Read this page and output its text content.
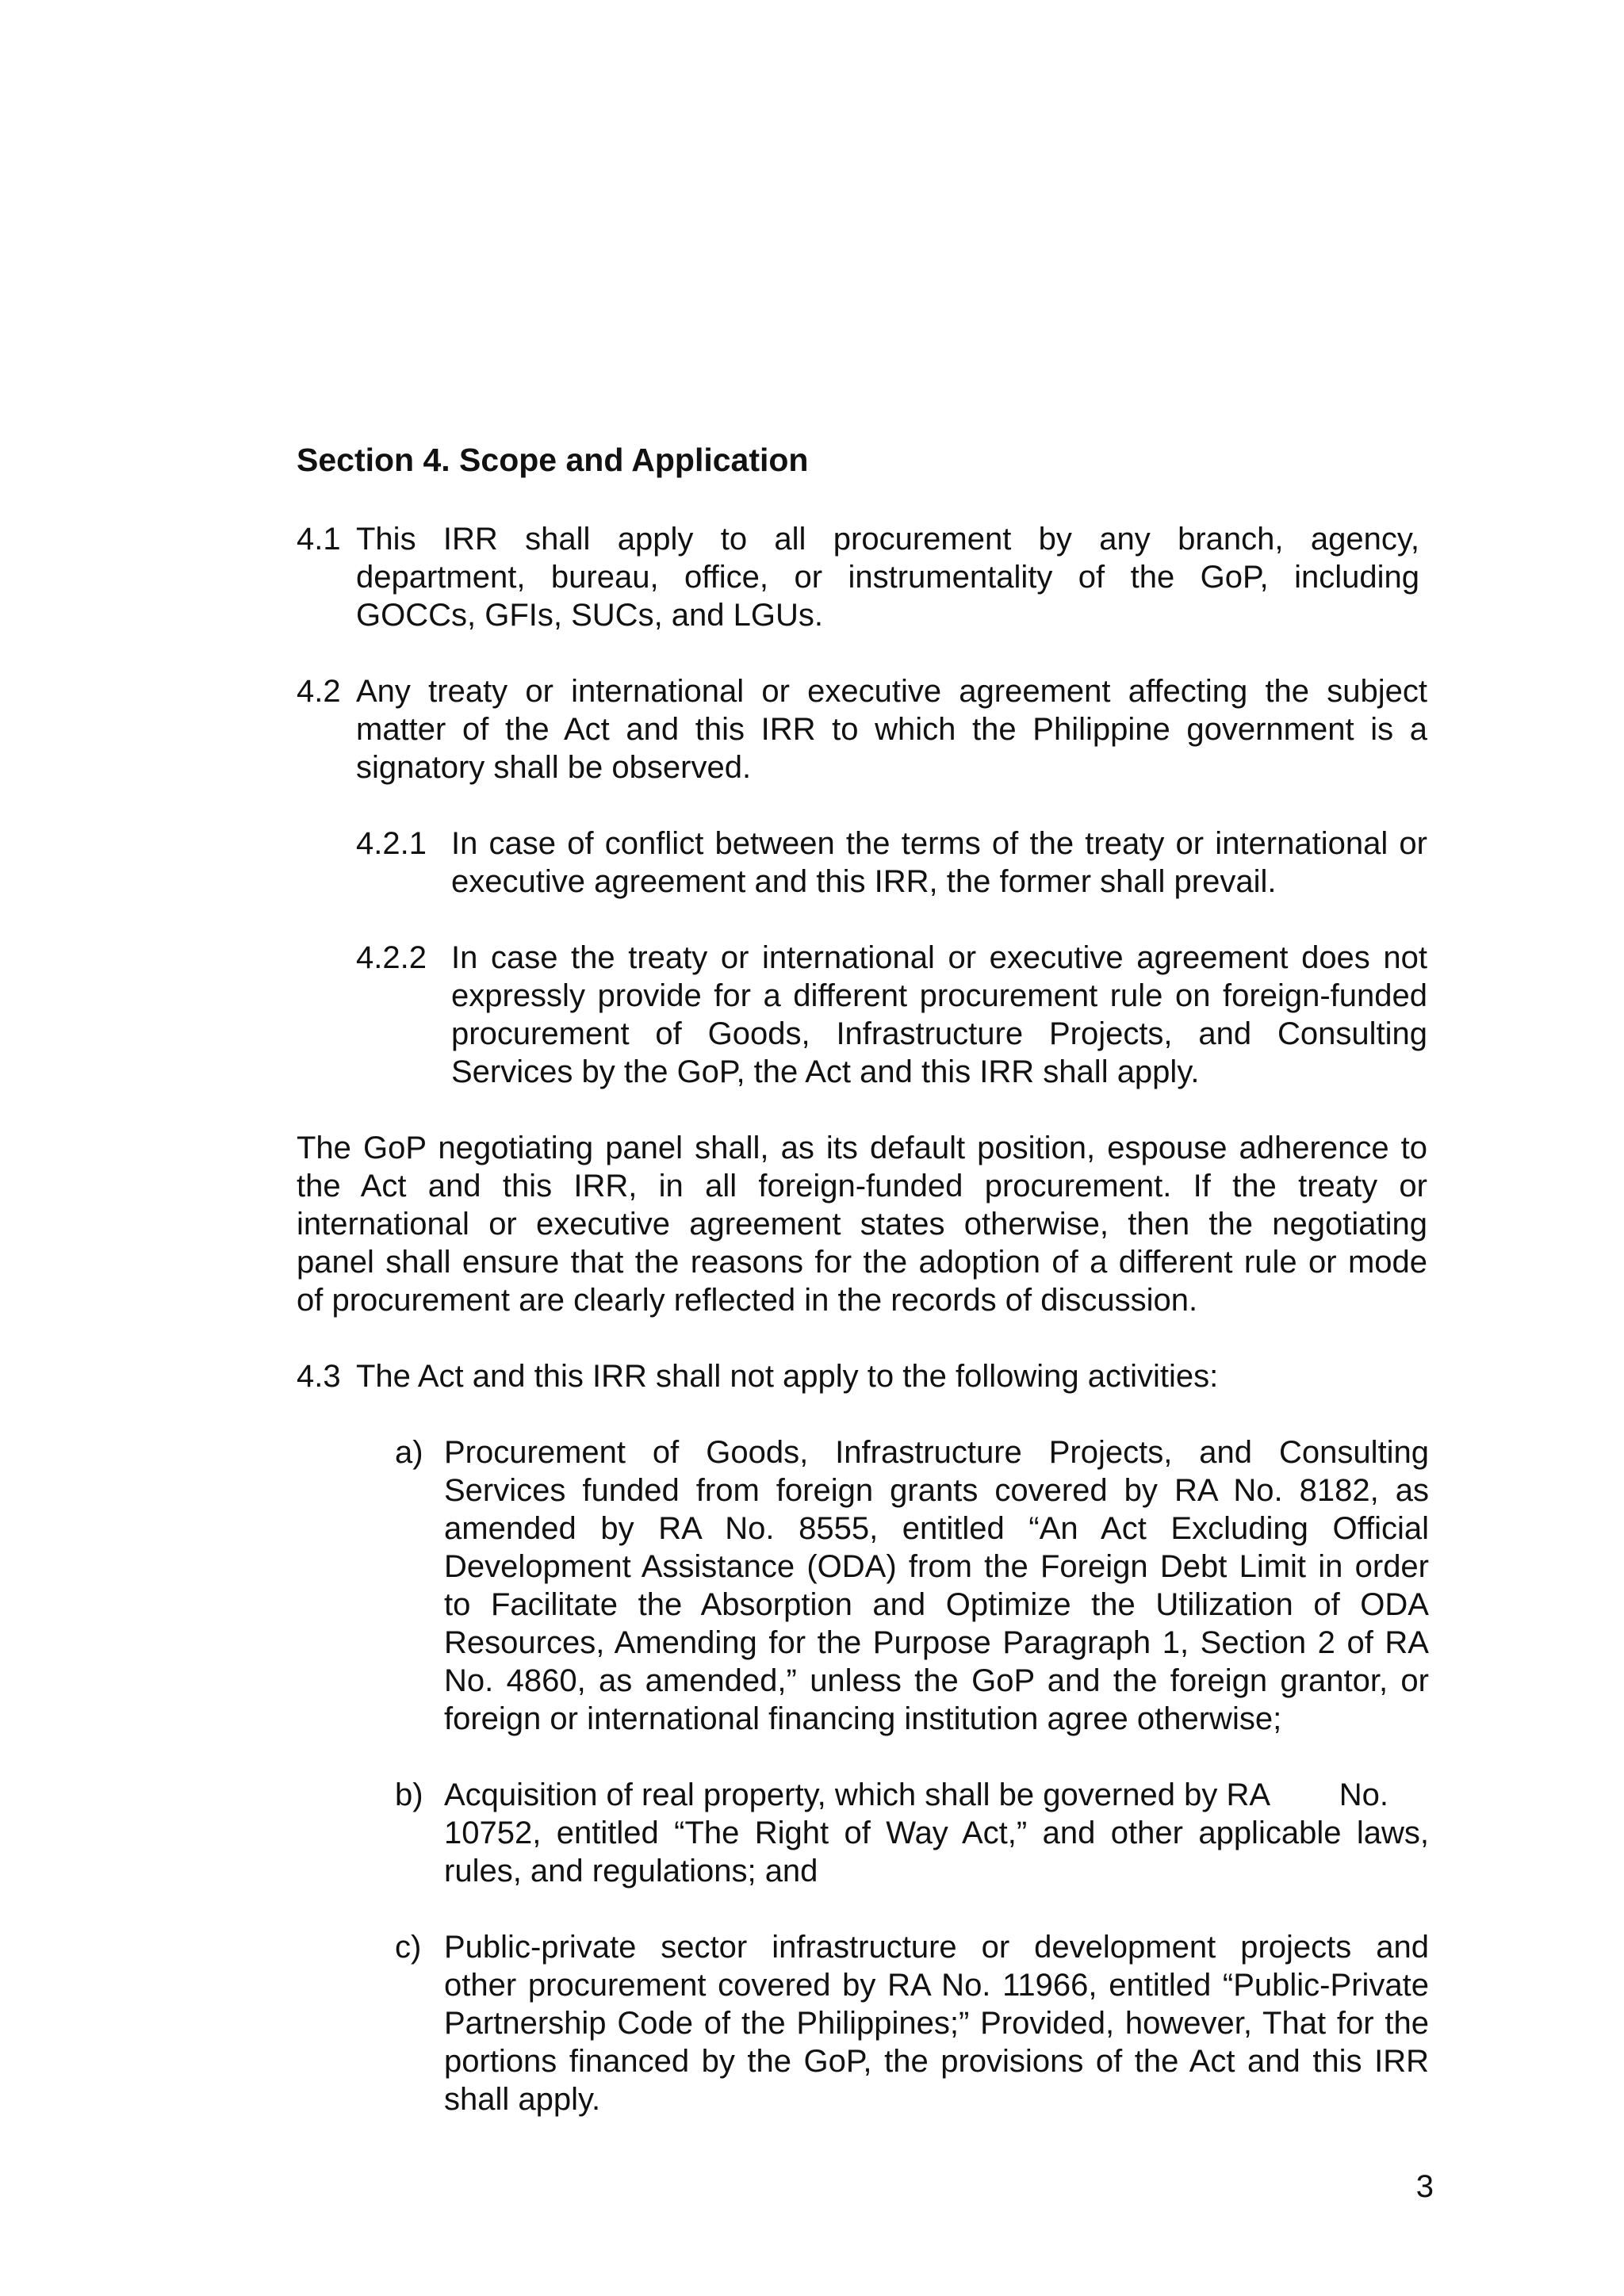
Section 4. Scope and Application
4.1 This IRR shall apply to all procurement by any branch, agency,
department, bureau, office, or instrumentality of the GoP, including
GOCCs, GFIs, SUCs, and LGUs.
4.2 Any treaty or international or executive agreement affecting the subject
matter of the Act and this IRR to which the Philippine government is a
signatory shall be observed.
4.2.1 In case of conflict between the terms of the treaty or international or
executive agreement and this IRR, the former shall prevail.
4.2.2 In case the treaty or international or executive agreement does not
expressly provide for a different procurement rule on foreign-funded
procurement of Goods, Infrastructure Projects, and Consulting
Services by the GoP, the Act and this IRR shall apply.
The GoP negotiating panel shall, as its default position, espouse adherence to
the Act and this IRR, in all foreign-funded procurement. If the treaty or
international or executive agreement states otherwise, then the negotiating
panel shall ensure that the reasons for the adoption of a different rule or mode
of procurement are clearly reflected in the records of discussion.
4.3 The Act and this IRR shall not apply to the following activities:
a) Procurement of Goods, Infrastructure Projects, and Consulting
Services funded from foreign grants covered by RA No. 8182, as
amended by RA No. 8555, entitled “An Act Excluding Official
Development Assistance (ODA) from the Foreign Debt Limit in order
to Facilitate the Absorption and Optimize the Utilization of ODA
Resources, Amending for the Purpose Paragraph 1, Section 2 of RA
No. 4860, as amended,” unless the GoP and the foreign grantor, or
foreign or international financing institution agree otherwise;
b) Acquisition of real property, which shall be governed by RA        No.
10752, entitled “The Right of Way Act,” and other applicable laws,
rules, and regulations; and
c) Public-private sector infrastructure or development projects and
other procurement covered by RA No. 11966, entitled “Public-Private
Partnership Code of the Philippines;” Provided, however, That for the
portions financed by the GoP, the provisions of the Act and this IRR
shall apply.
3
